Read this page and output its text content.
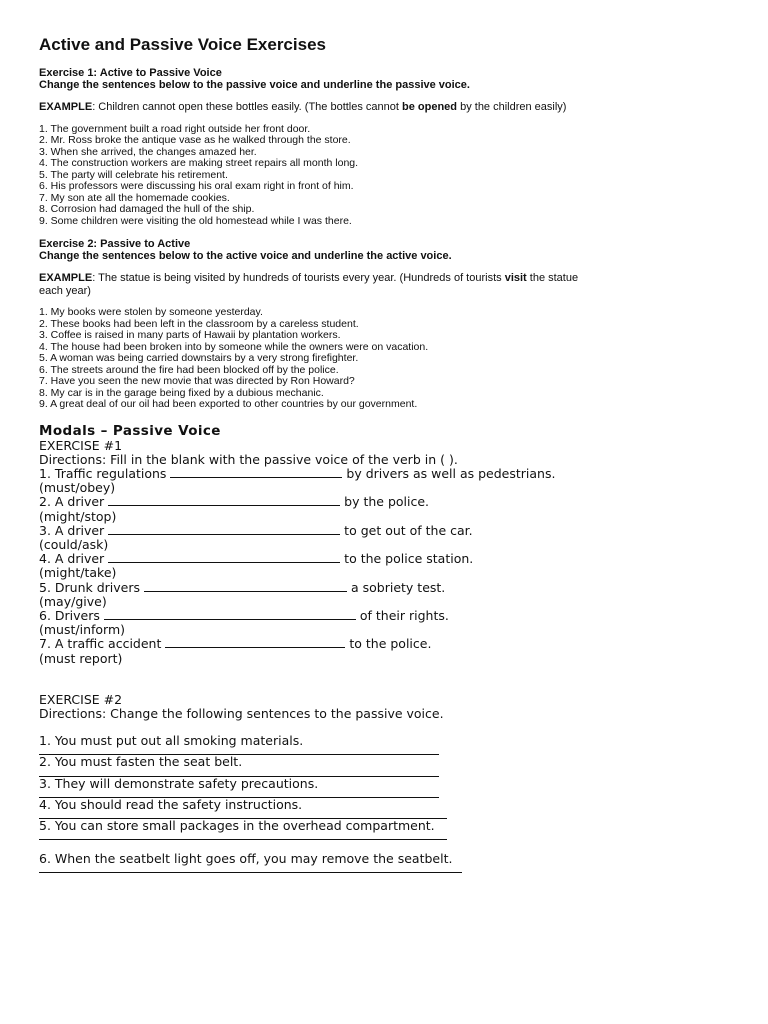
Active and Passive Voice Exercises
Exercise 1: Active to Passive Voice
Change the sentences below to the passive voice and underline the passive voice.
EXAMPLE: Children cannot open these bottles easily. (The bottles cannot be opened by the children easily)
1. The government built a road right outside her front door.
2. Mr. Ross broke the antique vase as he walked through the store.
3. When she arrived, the changes amazed her.
4. The construction workers are making street repairs all month long.
5. The party will celebrate his retirement.
6. His professors were discussing his oral exam right in front of him.
7. My son ate all the homemade cookies.
8. Corrosion had damaged the hull of the ship.
9. Some children were visiting the old homestead while I was there.
Exercise 2: Passive to Active
Change the sentences below to the active voice and underline the active voice.
EXAMPLE: The statue is being visited by hundreds of tourists every year. (Hundreds of tourists visit the statue each year)
1. My books were stolen by someone yesterday.
2. These books had been left in the classroom by a careless student.
3. Coffee is raised in many parts of Hawaii by plantation workers.
4. The house had been broken into by someone while the owners were on vacation.
5. A woman was being carried downstairs by a very strong firefighter.
6. The streets around the fire had been blocked off by the police.
7. Have you seen the new movie that was directed by Ron Howard?
8. My car is in the garage being fixed by a dubious mechanic.
9. A great deal of our oil had been exported to other countries by our government.
Modals – Passive Voice
EXERCISE #1
Directions: Fill in the blank with the passive voice of the verb in ( ).
1. Traffic regulations	by drivers as well as pedestrians.
(must/obey)
2. A driver	by the police.
(might/stop)
3. A driver	to get out of the car.
(could/ask)
4. A driver	to the police station.
(might/take)
5. Drunk drivers	a sobriety test.
(may/give)
6. Drivers	of their rights.
(must/inform)
7. A traffic accident	to the police.
(must report)
EXERCISE #2
Directions: Change the following sentences to the passive voice.
1. You must put out all smoking materials.
2. You must fasten the seat belt.
3. They will demonstrate safety precautions.
4. You should read the safety instructions.
5. You can store small packages in the overhead compartment.
6. When the seatbelt light goes off, you may remove the seatbelt.
